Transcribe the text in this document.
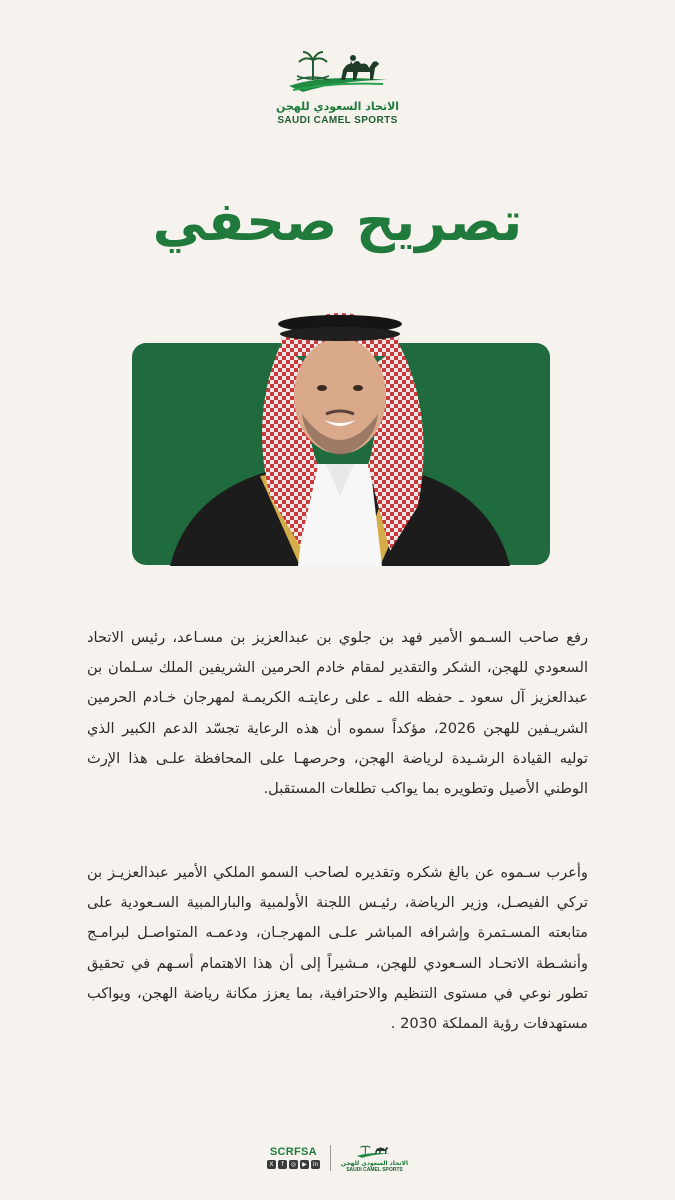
الاتحاد السعودي للهجن
SAUDI CAMEL SPORTS
تصريح صحفي

رفع صاحب السـمو الأمير فهد بن جلوي بن عبدالعزيز بن مسـاعد، رئيس الاتحاد السعودي للهجن، الشكر والتقدير لمقام خادم الحرمين الشريفين الملك سـلمان بن عبدالعزيز آل سعود ـ حفظه الله ـ على رعايتـه الكريمـة لمهرجان خـادم الحرمين الشريـفين للهجن 2026، مؤكداً سموه أن هذه الرعاية تجسّد الدعم الكبير الذي توليه القيادة الرشـيدة لرياضة الهجن، وحرصهـا على المحافظة علـى هذا الإرث الوطني الأصيل وتطويره بما يواكب تطلعات المستقبل.

وأعرب سـموه عن بالغ شكره وتقديره لصاحب السمو الملكي الأمير عبدالعزيـز بن تركي الفيصـل، وزير الرياضة، رئيـس اللجنة الأولمبية والبارالمبية السـعودية على متابعته المسـتمرة وإشرافه المباشر علـى المهرجـان، ودعمـه المتواصـل لبرامـج وأنشـطة الاتحـاد السـعودي للهجن، مـشيراً إلى أن هذا الاهتمام أسـهم في تحقيق تطور نوعي في مستوى التنظيم والاحترافية، بما يعزز مكانة رياضة الهجن، ويواكب مستهدفات رؤية المملكة 2030 .

SCRFSA
X	f	◎	▶ in	الاتحاد السعودي للهجن
SAUDI CAMEL SPORTS
